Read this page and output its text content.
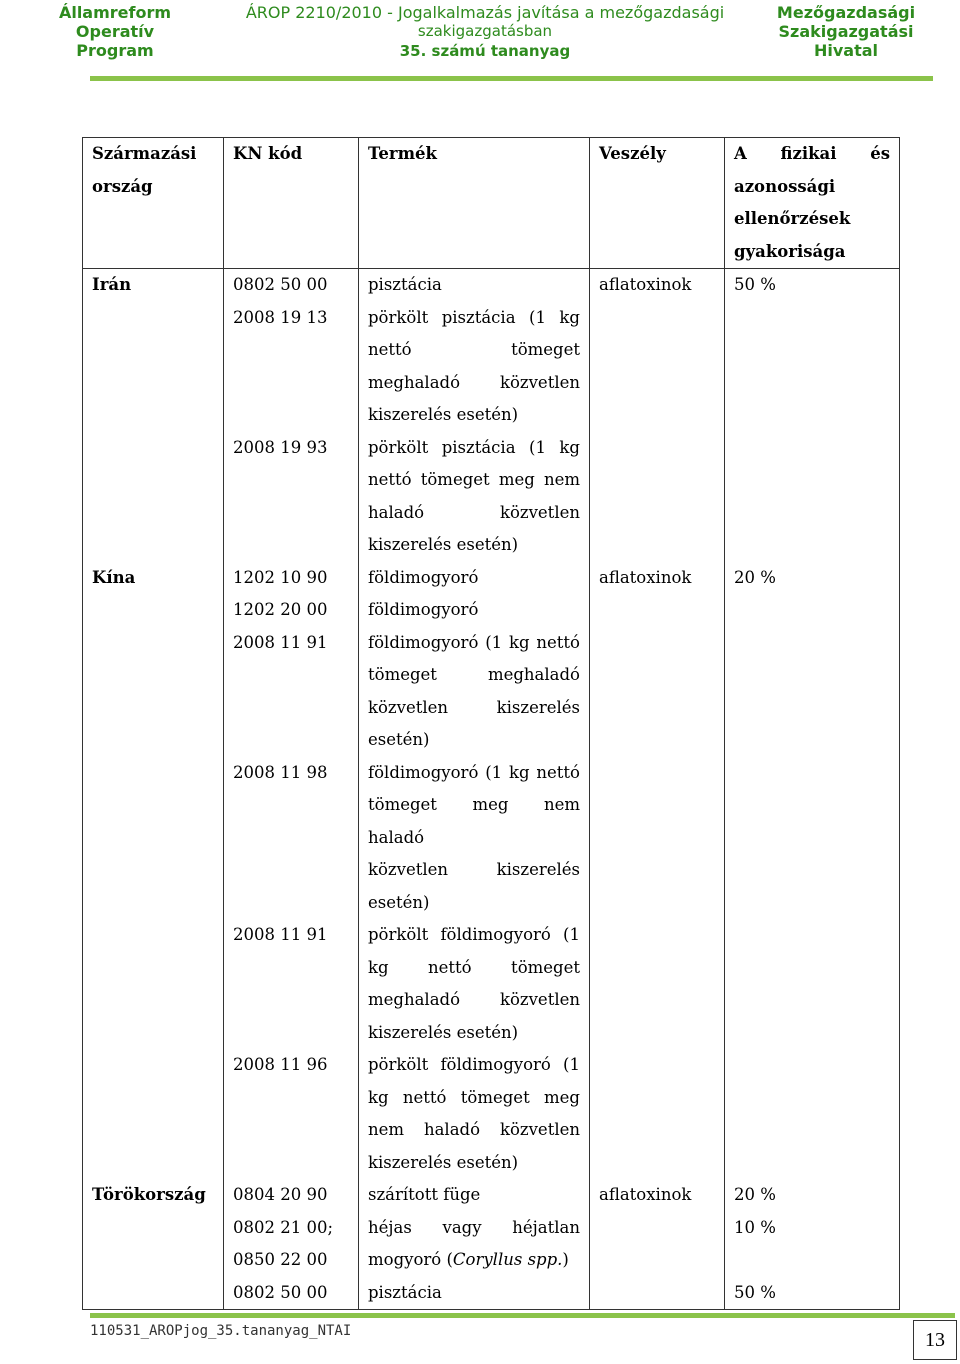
Államreform
Operatív
Program
ÁROP 2210/2010 - Jogalkalmazás javítása a mezőgazdasági
szakigazgatásban
35. számú tananyag
Mezőgazdasági
Szakigazgatási
Hivatal
Származási ország	KN kód	Termék	Veszély	A fizikai és azonossági ellenőrzések gyakorisága
Irán	0802 50 00	pisztácia	aflatoxinok	50 %
	2008 19 13	pörkölt pisztácia (1 kg
nettó tömeget
meghaladó közvetlen
kiszerelés esetén)		

	2008 19 93	pörkölt pisztácia (1 kg
nettó tömeget meg nem
haladó közvetlen
kiszerelés esetén)		

Kína	1202 10 90	földimogyoró	aflatoxinok	20 %
	1202 20 00	földimogyoró		
	2008 11 91	földimogyoró (1 kg nettó
tömeget meghaladó
közvetlen kiszerelés
esetén)		

	2008 11 98	földimogyoró (1 kg nettó
tömeget meg nem haladó
közvetlen kiszerelés
esetén)		

	2008 11 91	pörkölt földimogyoró (1
kg nettó tömeget
meghaladó közvetlen
kiszerelés esetén)		

	2008 11 96	pörkölt földimogyoró (1
kg nettó tömeget meg
nem haladó közvetlen
kiszerelés esetén)		

Törökország	0804 20 90	szárított füge	aflatoxinok	20 %

	0802 21 00;
0850 22 00	héjas vagy héjatlan
mogyoró (Coryllus spp.)		10 %
	0802 50 00	pisztácia		50 %
110531_AROPjog_35.tananyag_NTAI	13
